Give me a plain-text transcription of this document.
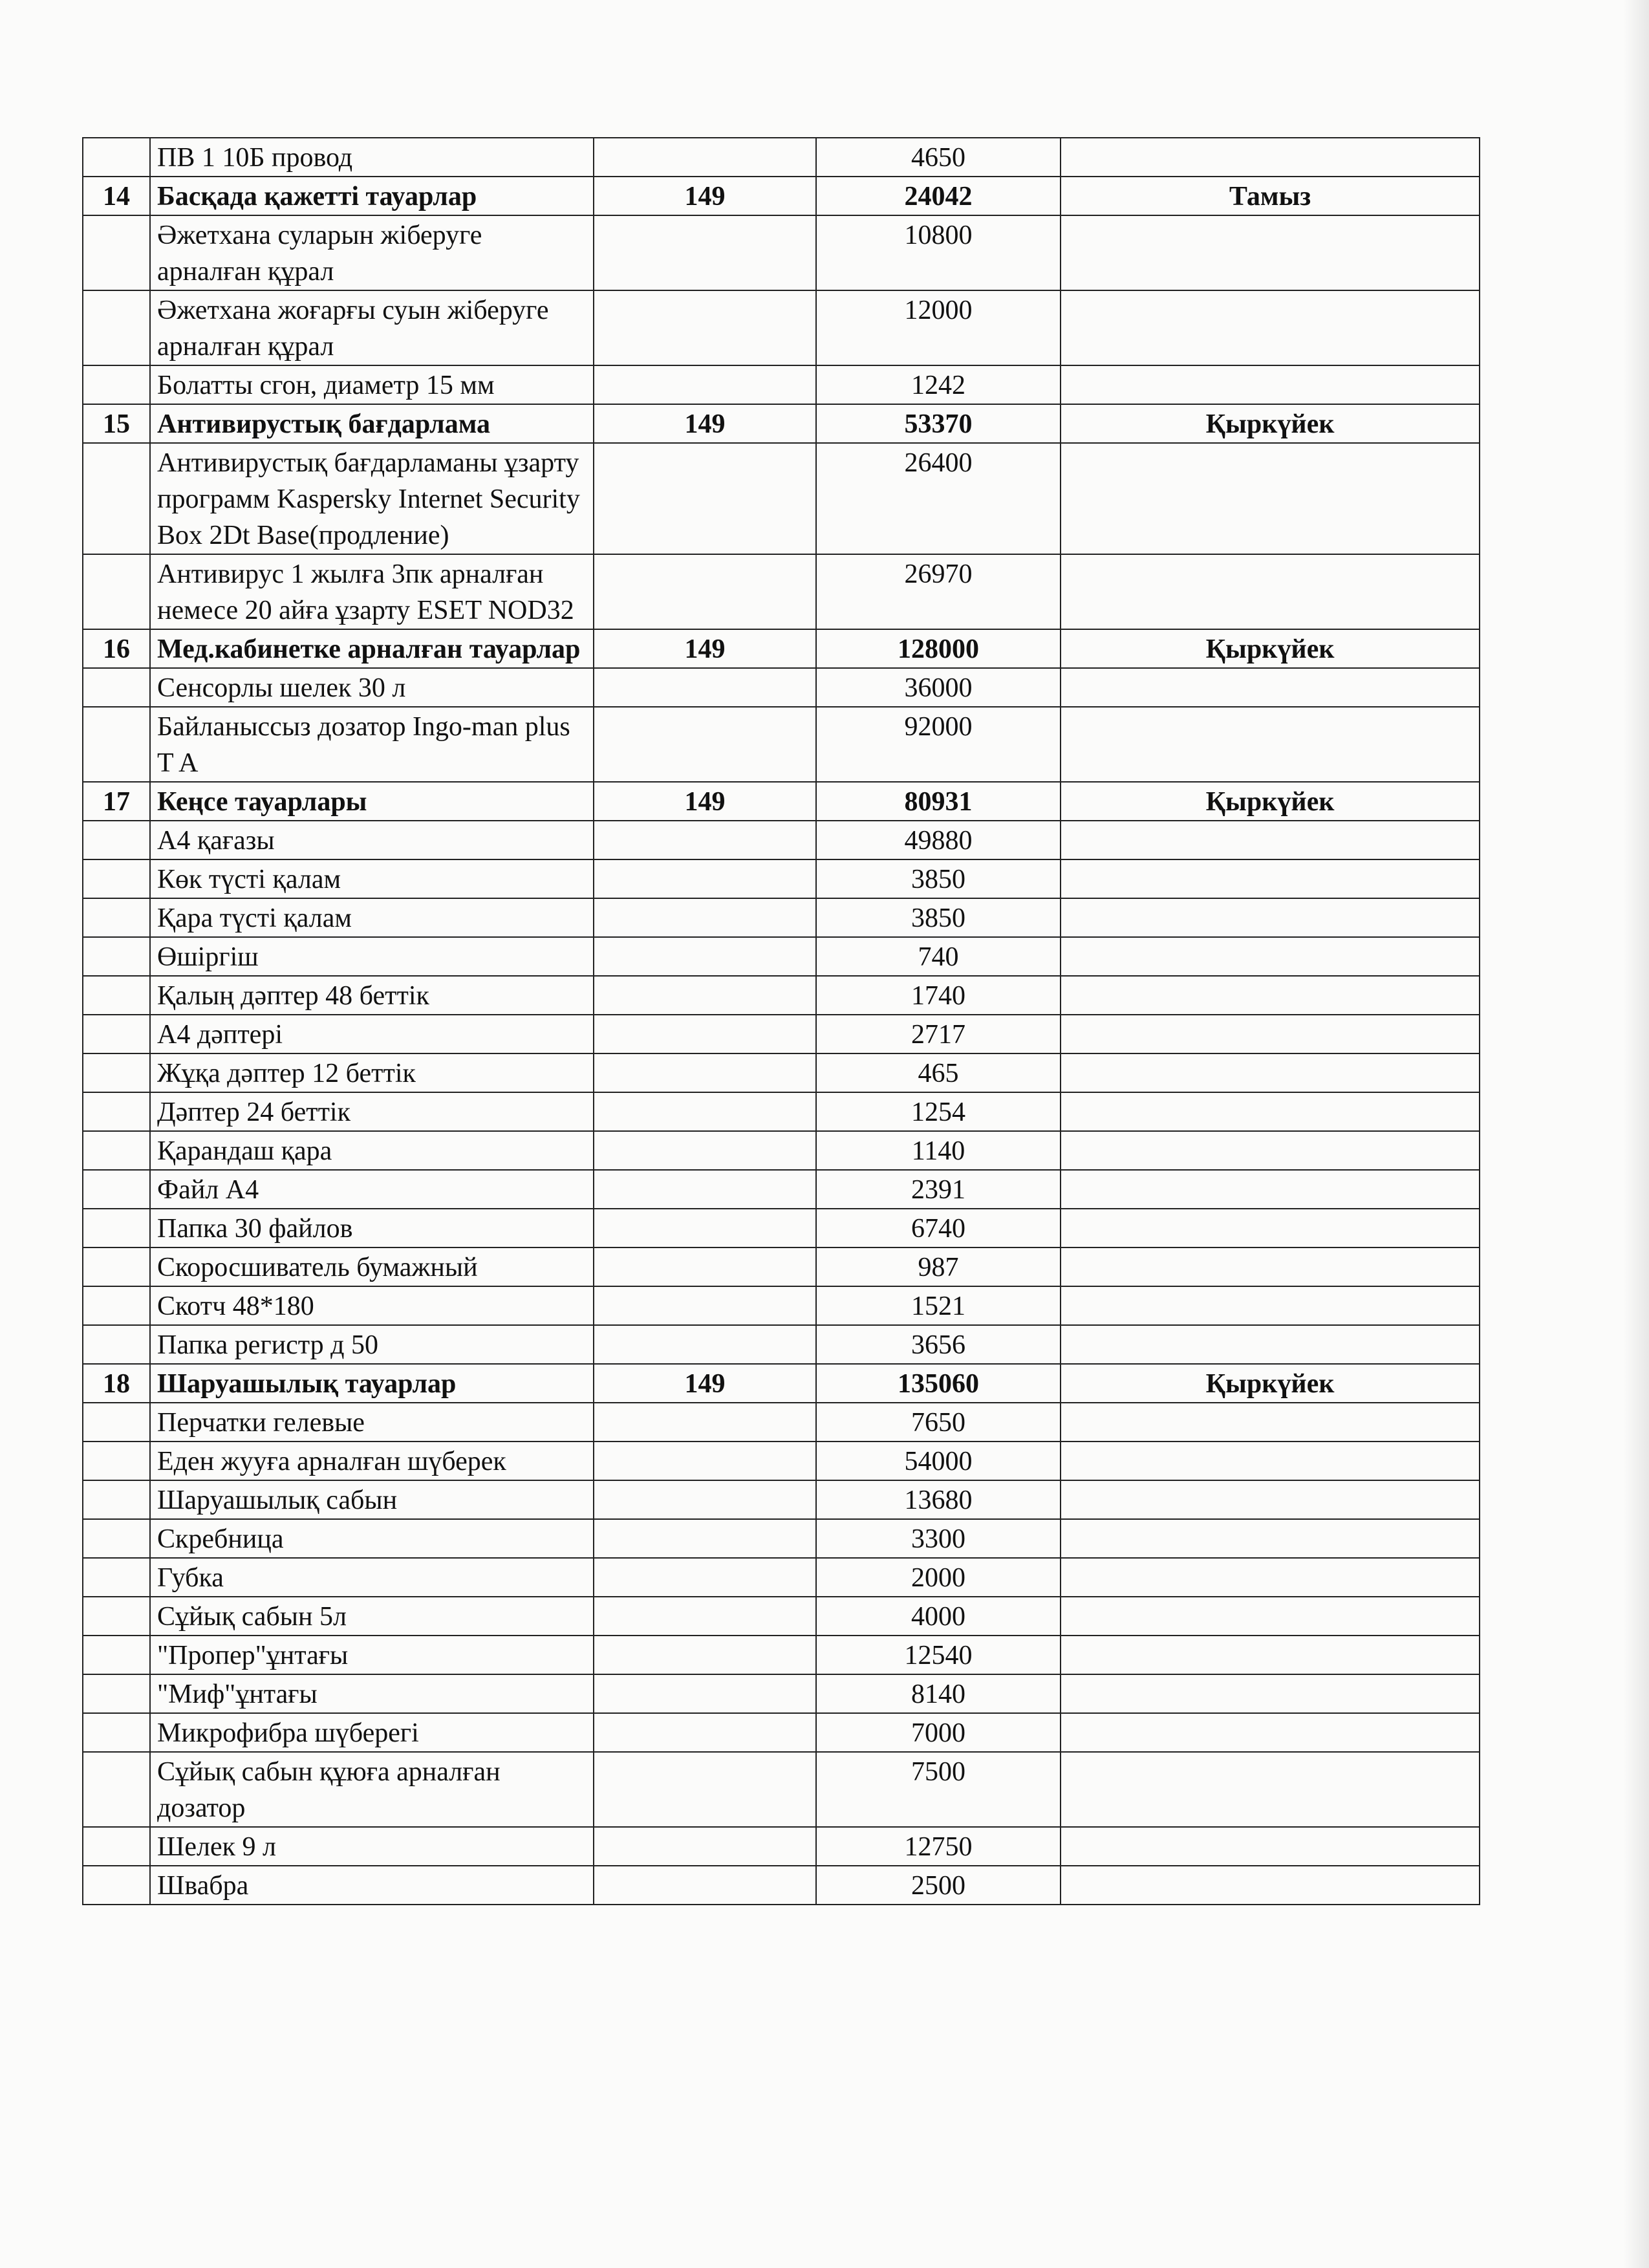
	ПВ 1 10Б провод		4650	
14	Басқада қажетті тауарлар	149	24042	Тамыз
	Әжетхана суларын жіберуге арналған құрал		10800	
	Әжетхана жоғарғы суын жіберуге арналған құрал		12000	
	Болатты сгон, диаметр 15 мм		1242	
15	Антивирустық бағдарлама	149	53370	Қыркүйек
	Антивирустық бағдарламаны ұзарту программ Kaspersky Internet Security Box 2Dt Base(продление)		26400	
	Антивирус 1 жылға 3пк арналған немесе 20 айға ұзарту ESET NOD32		26970	
16	Мед.кабинетке арналған тауарлар	149	128000	Қыркүйек
	Сенсорлы шелек 30 л		36000	
	Байланыссыз дозатор Ingo-man plus T A		92000	
17	Кеңсе тауарлары	149	80931	Қыркүйек
	А4 қағазы		49880	
	Көк түсті қалам		3850	
	Қара түсті қалам		3850	
	Өшіргіш		740	
	Қалың дәптер 48 беттік		1740	
	А4 дәптері		2717	
	Жұқа дәптер 12 беттік		465	
	Дәптер 24 беттік		1254	
	Қарандаш қара		1140	
	Файл А4		2391	
	Папка 30 файлов		6740	
	Скоросшиватель бумажный		987	
	Скотч 48*180		1521	
	Папка регистр д 50		3656	
18	Шаруашылық тауарлар	149	135060	Қыркүйек
	Перчатки гелевые		7650	
	Еден жууға арналған шүберек		54000	
	Шаруашылық сабын		13680	
	Скребница		3300	
	Губка		2000	
	Сұйық сабын 5л		4000	
	"Пропер"ұнтағы		12540	
	"Миф"ұнтағы		8140	
	Микрофибра шүберегі		7000	
	Сұйық сабын құюға арналған дозатор		7500	
	Шелек 9 л		12750	
	Швабра		2500	
